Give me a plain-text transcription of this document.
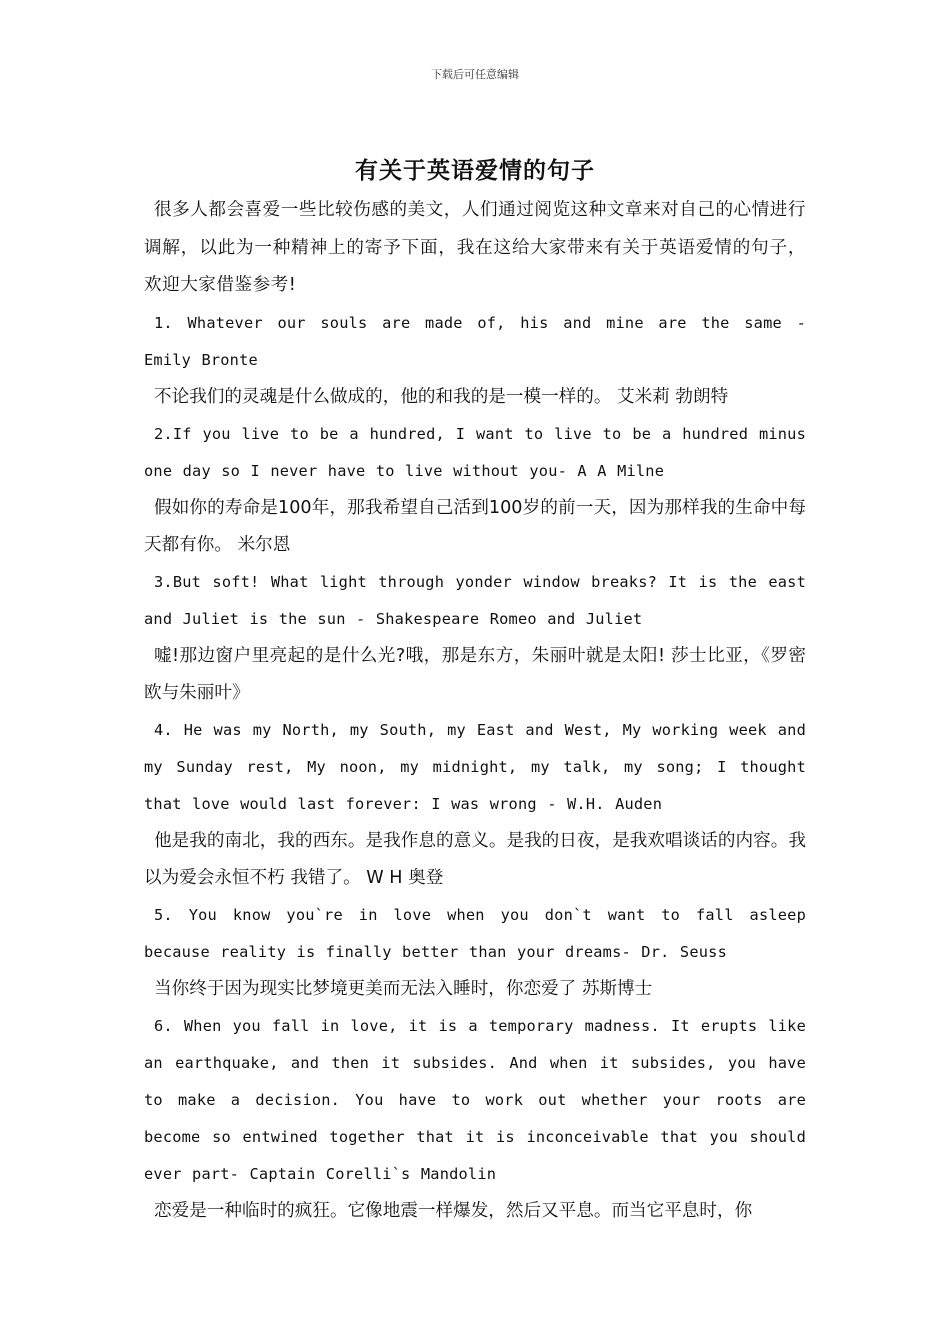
下载后可任意编辑
有关于英语爱情的句子

很多人都会喜爱一些比较伤感的美文，人们通过阅览这种文章来对自己的心情进行调解，以此为一种精神上的寄予下面，我在这给大家带来有关于英语爱情的句子，欢迎大家借鉴参考!

1. Whatever our souls are made of, his and mine are the same - Emily Bronte

不论我们的灵魂是什么做成的，他的和我的是一模一样的。 艾米莉 勃朗特

2.If you live to be a hundred, I want to live to be a hundred minus one day so I never have to live without you- A A Milne

假如你的寿命是100年，那我希望自己活到100岁的前一天，因为那样我的生命中每天都有你。 米尔恩

3.But soft! What light through yonder window breaks? It is the east and Juliet is the sun - Shakespeare Romeo and Juliet

嘘!那边窗户里亮起的是什么光?哦，那是东方，朱丽叶就是太阳! 莎士比亚，《罗密欧与朱丽叶》

4. He was my North, my South, my East and West, My working week and my Sunday rest, My noon, my midnight, my talk, my song; I thought that love would last forever: I was wrong - W.H. Auden

他是我的南北，我的西东。是我作息的意义。是我的日夜，是我欢唱谈话的内容。我以为爱会永恒不朽 我错了。 W H 奥登

5. You know you`re in love when you don`t want to fall asleep because reality is finally better than your dreams- Dr. Seuss

当你终于因为现实比梦境更美而无法入睡时，你恋爱了 苏斯博士

6. When you fall in love, it is a temporary madness. It erupts like an earthquake, and then it subsides. And when it subsides, you have to make a decision. You have to work out whether your roots are become so entwined together that it is inconceivable that you should ever part- Captain Corelli`s Mandolin

恋爱是一种临时的疯狂。它像地震一样爆发，然后又平息。而当它平息时，你
